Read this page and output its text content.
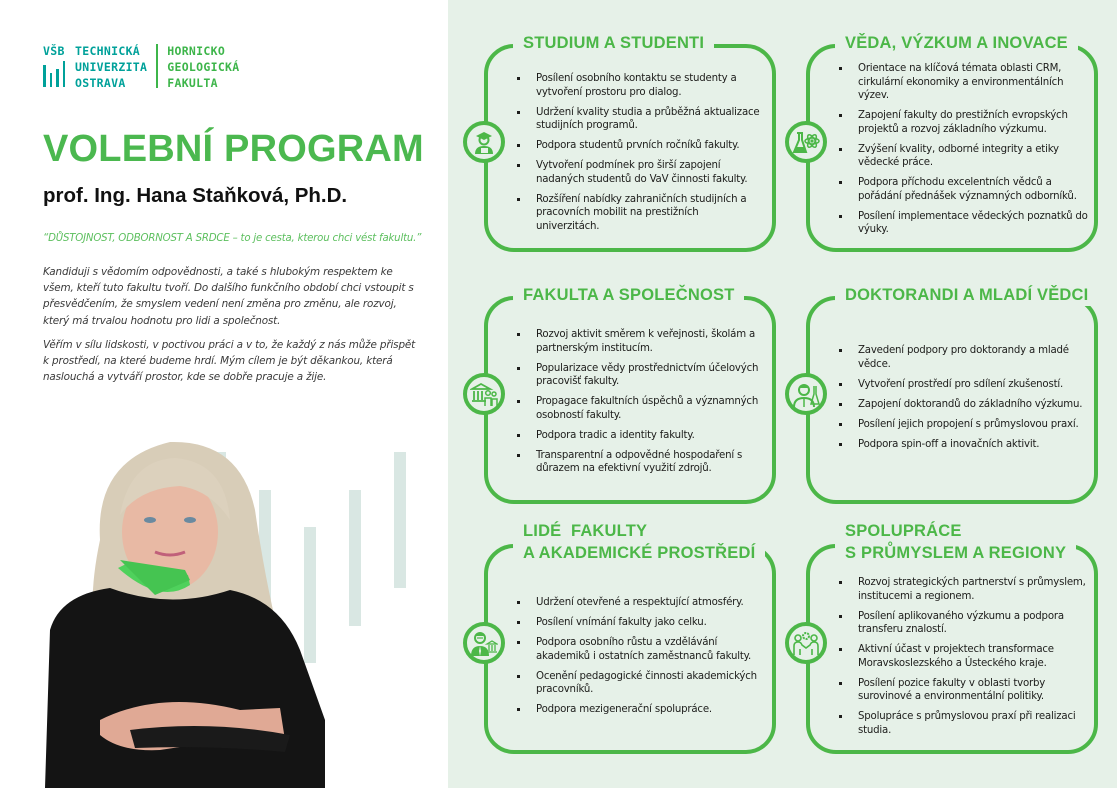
VŠB TECHNICKÁ
UNIVERZITA
OSTRAVA
HORNICKO
GEOLOGICKÁ
FAKULTA
VOLEBNÍ PROGRAM
prof. Ing. Hana Staňková, Ph.D.
“DŮSTOJNOST, ODBORNOST A SRDCE – to je cesta, kterou chci vést fakultu.”

Kandiduji s vědomím odpovědnosti, a také s hlubokým respektem ke všem, kteří tuto fakultu tvoří. Do dalšího funkčního období chci vstoupit s přesvědčením, že smyslem vedení není změna pro změnu, ale rozvoj, který má trvalou hodnotu pro lidi a společnost.

Věřím v sílu lidskosti, v poctivou práci a v to, že každý z nás může přispět k prostředí, na které budeme hrdí. Mým cílem je být děkankou, která naslouchá a vytváří prostor, kde se dobře pracuje a žije.

STUDIUM A STUDENTI
Posílení osobního kontaktu se studenty a vytvoření prostoru pro dialog.
Udržení kvality studia a průběžná aktualizace studijních programů.
Podpora studentů prvních ročníků fakulty.
Vytvoření podmínek pro širší zapojení nadaných studentů do VaV činnosti fakulty.
Rozšíření nabídky zahraničních studijních a pracovních mobilit na prestižních univerzitách.
VĚDA, VÝZKUM A INOVACE
Orientace na klíčová témata oblasti CRM, cirkulární ekonomiky a environmentálních výzev.
Zapojení fakulty do prestižních evropských projektů a rozvoj základního výzkumu.
Zvýšení kvality, odborné integrity a etiky vědecké práce.
Podpora příchodu excelentních vědců a pořádání přednášek významných odborníků.
Posílení implementace vědeckých poznatků do výuky.
FAKULTA A SPOLEČNOST
Rozvoj aktivit směrem k veřejnosti, školám a partnerským institucím.
Popularizace vědy prostřednictvím účelových pracovišť fakulty.
Propagace fakultních úspěchů a významných osobností fakulty.
Podpora tradic a identity fakulty.
Transparentní a odpovědné hospodaření s důrazem na efektivní využití zdrojů.
DOKTORANDI A MLADÍ VĚDCI
Zavedení podpory pro doktorandy a mladé vědce.
Vytvoření prostředí pro sdílení zkušeností.
Zapojení doktorandů do základního výzkumu.
Posílení jejich propojení s průmyslovou praxí.
Podpora spin-off a inovačních aktivit.
LIDÉ  FAKULTY
A AKADEMICKÉ PROSTŘEDÍ
Udržení otevřené a respektující atmosféry.
Posílení vnímání fakulty jako celku.
Podpora osobního růstu a vzdělávání akademiků i ostatních zaměstnanců fakulty.
Ocenění pedagogické činnosti akademických pracovníků.
Podpora mezigenerační spolupráce.
SPOLUPRÁCE
S PRŮMYSLEM A REGIONY
Rozvoj strategických partnerství s průmyslem, institucemi a regionem.
Posílení aplikovaného výzkumu a podpora transferu znalostí.
Aktivní účast v projektech transformace Moravskoslezského a Ústeckého kraje.
Posílení pozice fakulty v oblasti tvorby surovinové a environmentální politiky.
Spolupráce s průmyslovou praxí při realizaci studia.
